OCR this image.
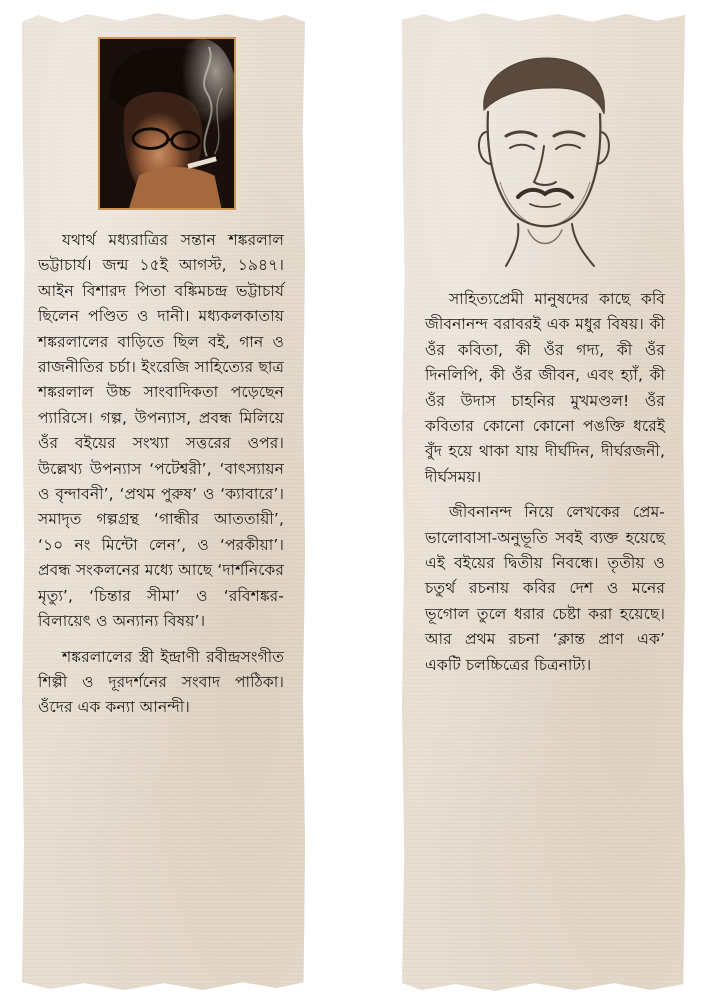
যথার্থ মধ্যরাত্রির সন্তান শঙ্করলাল ভট্টাচার্য। জন্ম ১৫ই আগস্ট, ১৯৪৭। আইন বিশারদ পিতা বঙ্কিমচন্দ্র ভট্টাচার্য ছিলেন পণ্ডিত ও দানী। মধ্যকলকাতায় শঙ্করলালের বাড়িতে ছিল বই, গান ও রাজনীতির চর্চা। ইংরেজি সাহিত্যের ছাত্র শঙ্করলাল উচ্চ সাংবাদিকতা পড়েছেন প্যারিসে। গল্প, উপন্যাস, প্রবন্ধ মিলিয়ে ওঁর বইয়ের সংখ্যা সত্তরের ওপর। উল্লেখ্য উপন্যাস ‘পটেশ্বরী’, ‘বাৎস্যায়ন ও বৃন্দাবনী’, ‘প্রথম পুরুষ’ ও ‘ক্যাবারে’। সমাদৃত গল্পগ্রন্থ ‘গান্ধীর আততায়ী’, ‘১০ নং মিন্টো লেন’, ও ‘পরকীয়া’। প্রবন্ধ সংকলনের মধ্যে আছে ‘দার্শনিকের মৃত্যু’, ‘চিন্তার সীমা’ ও ‘রবিশঙ্কর-বিলায়েৎ ও অন্যান্য বিষয়’।

শঙ্করলালের স্ত্রী ইন্দ্রাণী রবীন্দ্রসংগীত শিল্পী ও দূরদর্শনের সংবাদ পাঠিকা। ওঁদের এক কন্যা আনন্দী।

সাহিত্যপ্রেমী মানুষদের কাছে কবি জীবনানন্দ বরাবরই এক মধুর বিষয়। কী ওঁর কবিতা, কী ওঁর গদ্য, কী ওঁর দিনলিপি, কী ওঁর জীবন, এবং হ্যাঁ, কী ওঁর উদাস চাহনির মুখমণ্ডল! ওঁর কবিতার কোনো কোনো পঙক্তি ধরেই বুঁদ হয়ে থাকা যায় দীর্ঘদিন, দীর্ঘরজনী, দীর্ঘসময়।

জীবনানন্দ নিয়ে লেখকের প্রেম-ভালোবাসা-অনুভূতি সবই ব্যক্ত হয়েছে এই বইয়ের দ্বিতীয় নিবন্ধে। তৃতীয় ও চতুর্থ রচনায় কবির দেশ ও মনের ভূগোল তুলে ধরার চেষ্টা করা হয়েছে। আর প্রথম রচনা ‘ক্লান্ত প্রাণ এক’ একটি চলচ্চিত্রের চিত্রনাট্য।
